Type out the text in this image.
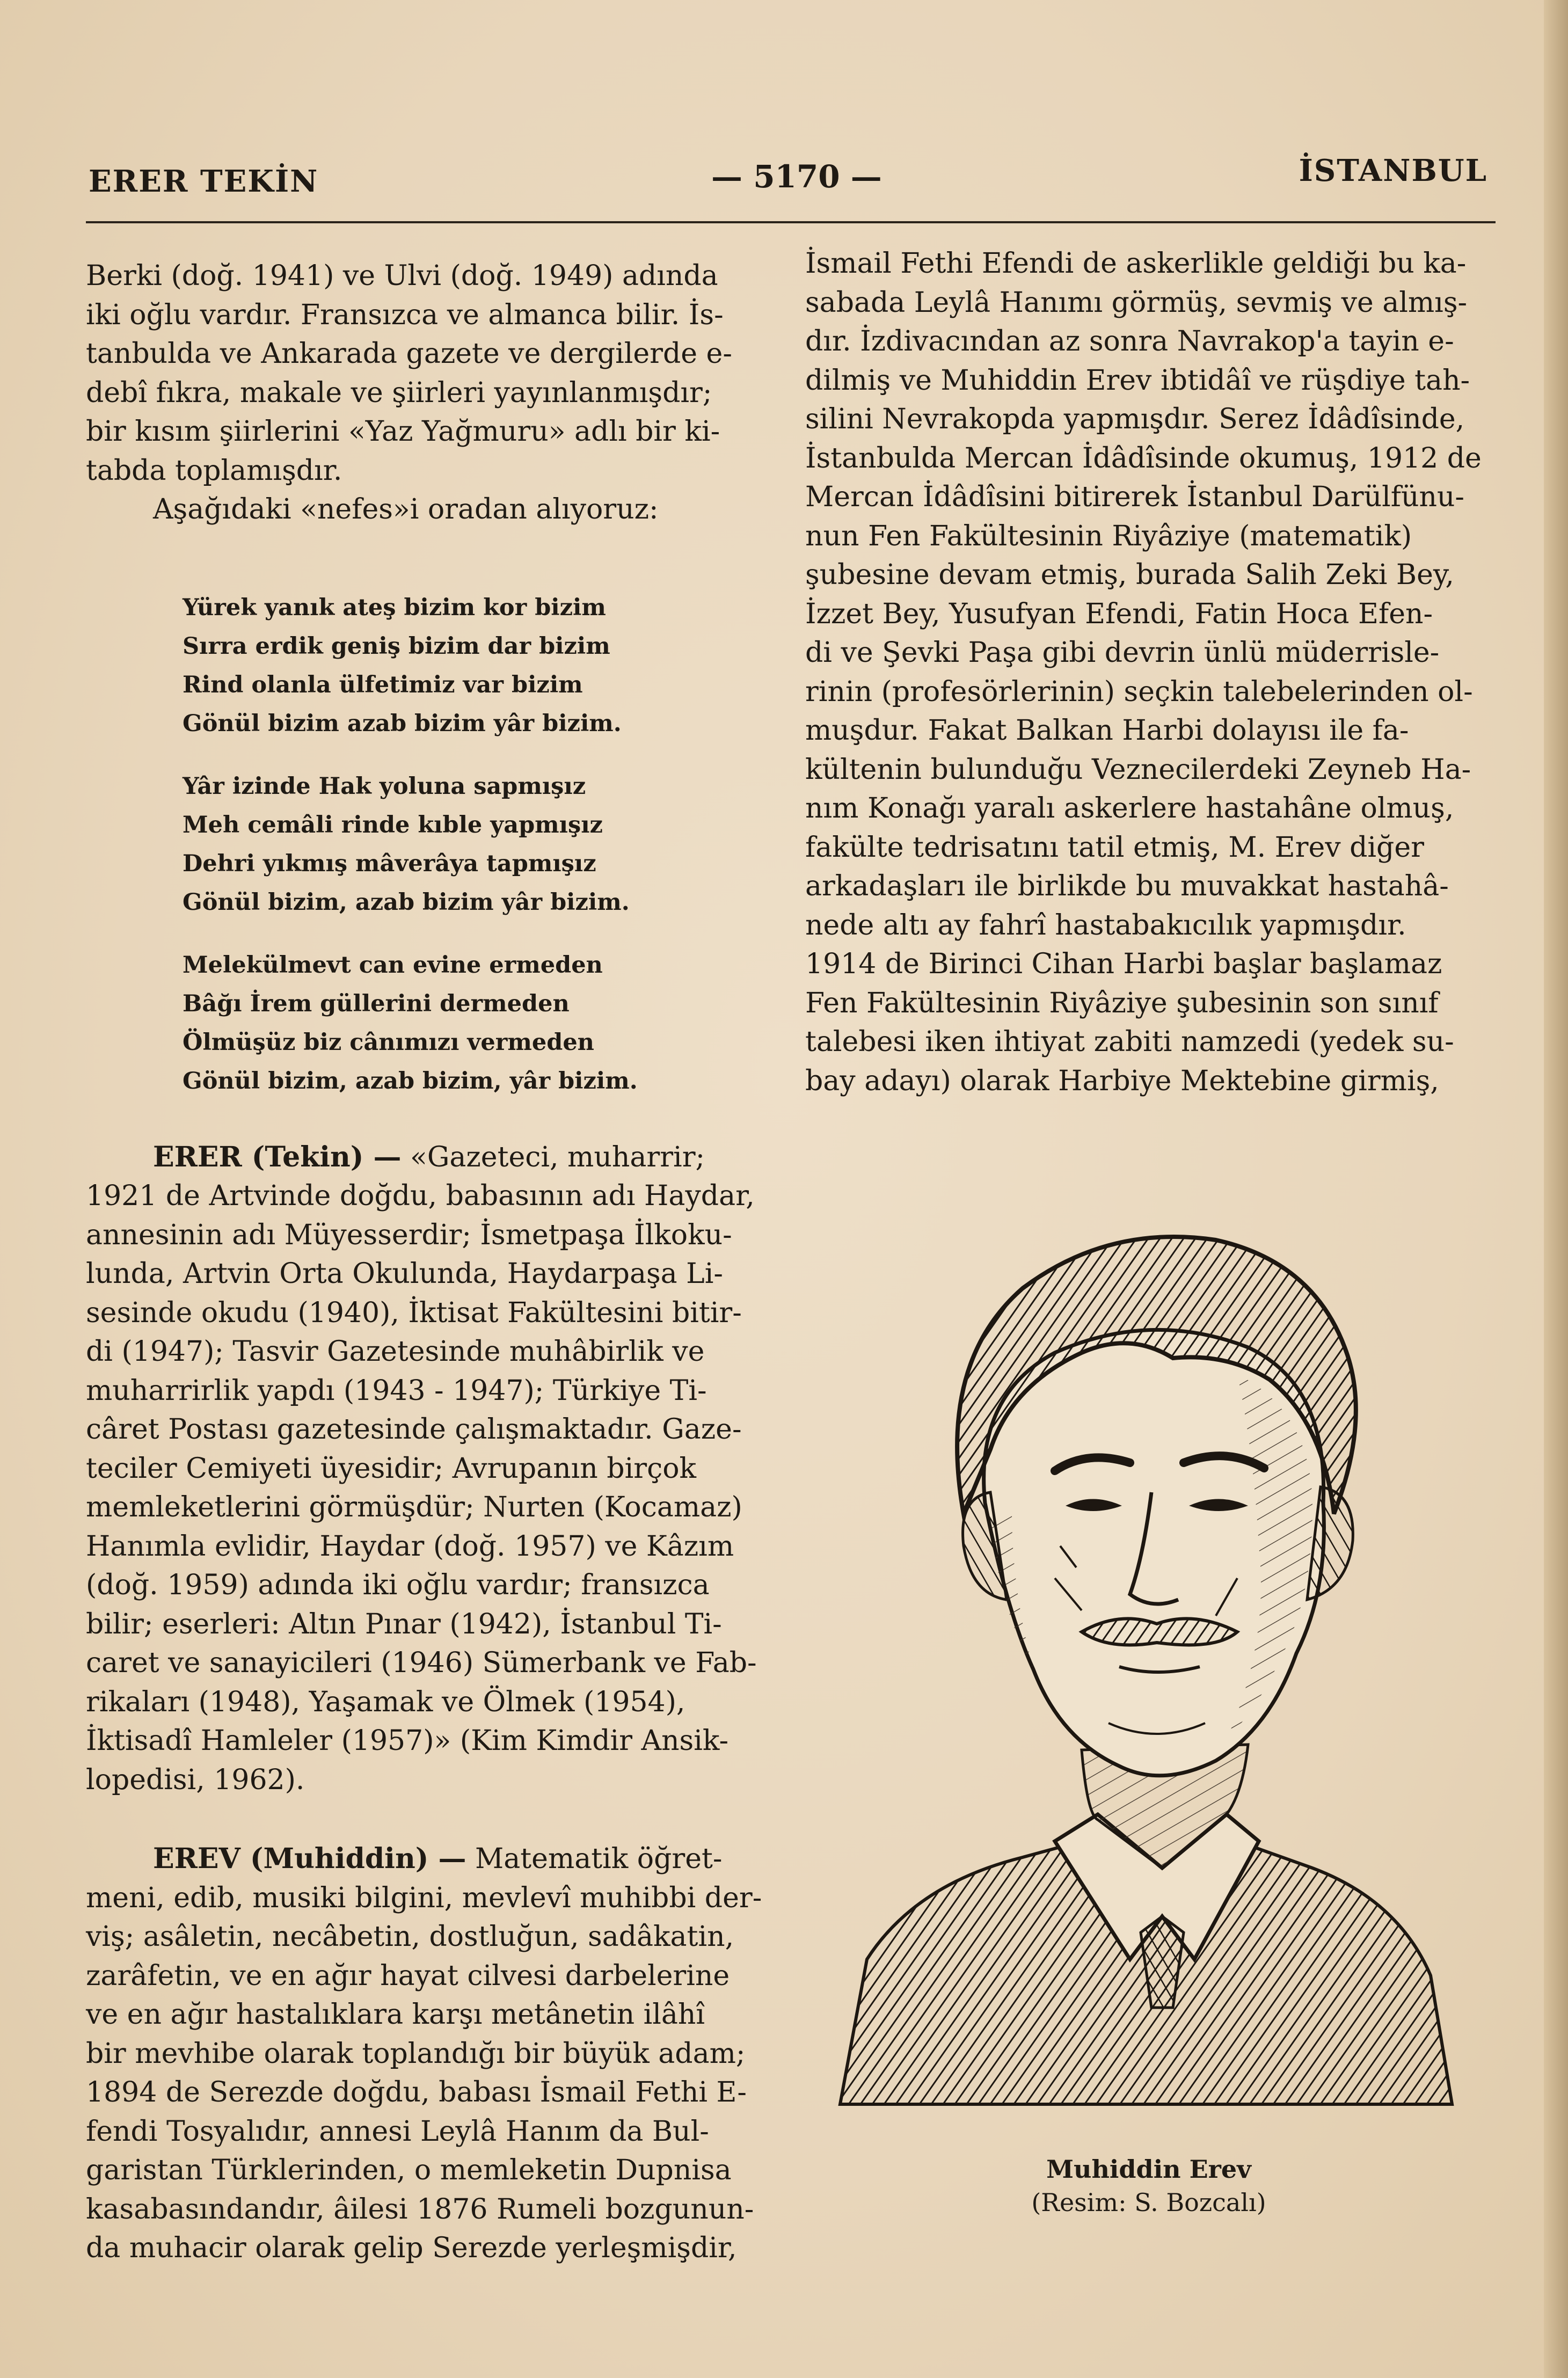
ERER TEKİN	— 5170 —	İSTANBUL
Berki (doğ. 1941) ve Ulvi (doğ. 1949) adında
iki oğlu vardır. Fransızca ve almanca bilir. İs-
tanbulda ve Ankarada gazete ve dergilerde e-
debî fıkra, makale ve şiirleri yayınlanmışdır;
bir kısım şiirlerini «Yaz Yağmuru» adlı bir ki-
tabda toplamışdır.
Aşağıdaki «nefes»i oradan alıyoruz:
Yürek yanık ateş bizim kor bizim
Sırra erdik geniş bizim dar bizim
Rind olanla ülfetimiz var bizim
Gönül bizim azab bizim yâr bizim.
Yâr izinde Hak yoluna sapmışız
Meh cemâli rinde kıble yapmışız
Dehri yıkmış mâverâya tapmışız
Gönül bizim, azab bizim yâr bizim.
Melekülmevt can evine ermeden
Bâğı İrem güllerini dermeden
Ölmüşüz biz cânımızı vermeden
Gönül bizim, azab bizim, yâr bizim.
ERER (Tekin) — «Gazeteci, muharrir;
1921 de Artvinde doğdu, babasının adı Haydar,
annesinin adı Müyesserdir; İsmetpaşa İlkoku-
lunda, Artvin Orta Okulunda, Haydarpaşa Li-
sesinde okudu (1940), İktisat Fakültesini bitir-
di (1947); Tasvir Gazetesinde muhâbirlik ve
muharrirlik yapdı (1943 - 1947); Türkiye Ti-
câret Postası gazetesinde çalışmaktadır. Gaze-
teciler Cemiyeti üyesidir; Avrupanın birçok
memleketlerini görmüşdür; Nurten (Kocamaz)
Hanımla evlidir, Haydar (doğ. 1957) ve Kâzım
(doğ. 1959) adında iki oğlu vardır; fransızca
bilir; eserleri: Altın Pınar (1942), İstanbul Ti-
caret ve sanayicileri (1946) Sümerbank ve Fab-
rikaları (1948), Yaşamak ve Ölmek (1954),
İktisadî Hamleler (1957)» (Kim Kimdir Ansik-
lopedisi, 1962).
EREV (Muhiddin) — Matematik öğret-
meni, edib, musiki bilgini, mevlevî muhibbi der-
viş; asâletin, necâbetin, dostluğun, sadâkatin,
zarâfetin, ve en ağır hayat cilvesi darbelerine
ve en ağır hastalıklara karşı metânetin ilâhî
bir mevhibe olarak toplandığı bir büyük adam;
1894 de Serezde doğdu, babası İsmail Fethi E-
fendi Tosyalıdır, annesi Leylâ Hanım da Bul-
garistan Türklerinden, o memleketin Dupnisa
kasabasındandır, âilesi 1876 Rumeli bozgunun-
da muhacir olarak gelip Serezde yerleşmişdir,
İsmail Fethi Efendi de askerlikle geldiği bu ka-
sabada Leylâ Hanımı görmüş, sevmiş ve almış-
dır. İzdivacından az sonra Navrakop'a tayin e-
dilmiş ve Muhiddin Erev ibtidâî ve rüşdiye tah-
silini Nevrakopda yapmışdır. Serez İdâdîsinde,
İstanbulda Mercan İdâdîsinde okumuş, 1912 de
Mercan İdâdîsini bitirerek İstanbul Darülfünu-
nun Fen Fakültesinin Riyâziye (matematik)
şubesine devam etmiş, burada Salih Zeki Bey,
İzzet Bey, Yusufyan Efendi, Fatin Hoca Efen-
di ve Şevki Paşa gibi devrin ünlü müderrisle-
rinin (profesörlerinin) seçkin talebelerinden ol-
muşdur. Fakat Balkan Harbi dolayısı ile fa-
kültenin bulunduğu Veznecilerdeki Zeyneb Ha-
nım Konağı yaralı askerlere hastahâne olmuş,
fakülte tedrisatını tatil etmiş, M. Erev diğer
arkadaşları ile birlikde bu muvakkat hastahâ-
nede altı ay fahrî hastabakıcılık yapmışdır.
1914 de Birinci Cihan Harbi başlar başlamaz
Fen Fakültesinin Riyâziye şubesinin son sınıf
talebesi iken ihtiyat zabiti namzedi (yedek su-
bay adayı) olarak Harbiye Mektebine girmiş,
Muhiddin Erev
(Resim: S. Bozcalı)
